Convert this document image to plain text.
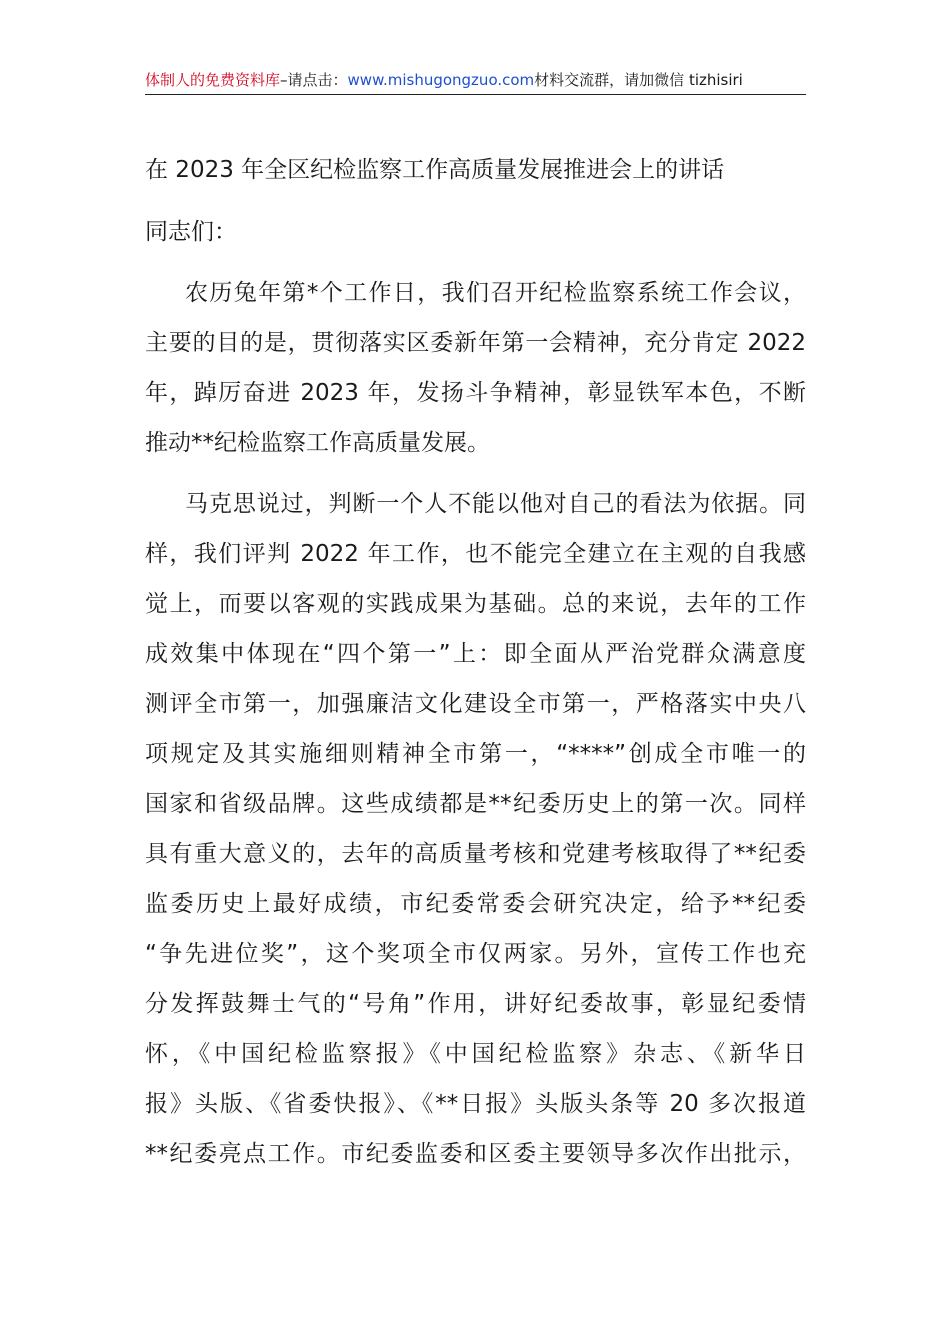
体制人的免费资料库–请点击：www.mishugongzuo.com材料交流群，请加微信 tizhisiri
在 2023 年全区纪检监察工作高质量发展推进会上的讲话
同志们：
农历兔年第*个工作日，我们召开纪检监察系统工作会议，
主要的目的是，贯彻落实区委新年第一会精神，充分肯定 2022
年，踔厉奋进 2023 年，发扬斗争精神，彰显铁军本色，不断
推动**纪检监察工作高质量发展。
马克思说过，判断一个人不能以他对自己的看法为依据。同
样，我们评判 2022 年工作，也不能完全建立在主观的自我感
觉上，而要以客观的实践成果为基础。总的来说，去年的工作
成效集中体现在“四个第一”上：即全面从严治党群众满意度
测评全市第一，加强廉洁文化建设全市第一，严格落实中央八
项规定及其实施细则精神全市第一，“****”创成全市唯一的
国家和省级品牌。这些成绩都是**纪委历史上的第一次。同样
具有重大意义的，去年的高质量考核和党建考核取得了**纪委
监委历史上最好成绩，市纪委常委会研究决定，给予**纪委
“争先进位奖”，这个奖项全市仅两家。另外，宣传工作也充
分发挥鼓舞士气的“号角”作用，讲好纪委故事，彰显纪委情
怀，《中国纪检监察报》《中国纪检监察》杂志、《新华日
报》头版、《省委快报》、《**日报》头版头条等 20 多次报道
**纪委亮点工作。市纪委监委和区委主要领导多次作出批示，
